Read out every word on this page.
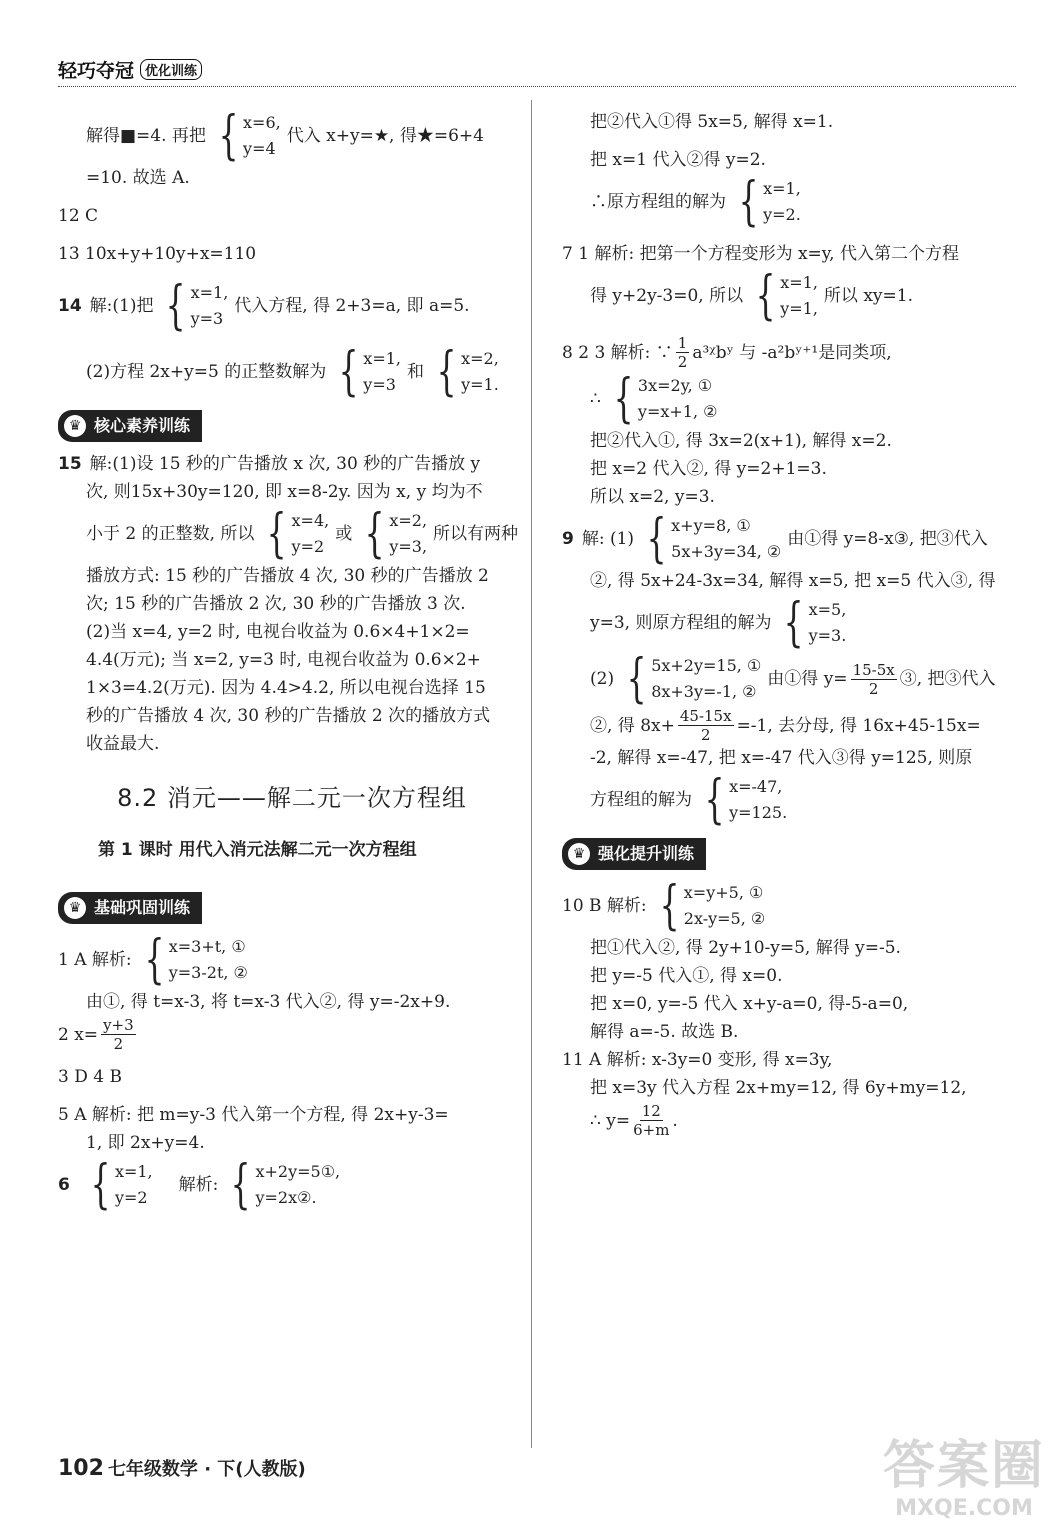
轻巧夺冠 优化训练
解得■=4. 再把 { x=6,
y=4
代入 x+y=★, 得★=6+4
=10. 故选 A.
12 C
13 10x+y+10y+x=110
14 解:(1)把 { x=1,
y=3
代入方程, 得 2+3=a, 即 a=5.
(2)方程 2x+y=5 的正整数解为 { x=1,
y=3
和 { x=2,
y=1.
♛ 核心素养训练
15 解:(1)设 15 秒的广告播放 x 次, 30 秒的广告播放 y
次, 则15x+30y=120, 即 x=8-2y. 因为 x, y 均为不
小于 2 的正整数, 所以 { x=4,
y=2
或 { x=2,
y=3,
所以有两种
播放方式: 15 秒的广告播放 4 次, 30 秒的广告播放 2
次; 15 秒的广告播放 2 次, 30 秒的广告播放 3 次.
(2)当 x=4, y=2 时, 电视台收益为 0.6×4+1×2=
4.4(万元); 当 x=2, y=3 时, 电视台收益为 0.6×2+
1×3=4.2(万元). 因为 4.4>4.2, 所以电视台选择 15
秒的广告播放 4 次, 30 秒的广告播放 2 次的播放方式
收益最大.
8.2 消元——解二元一次方程组
第 1 课时 用代入消元法解二元一次方程组
♛ 基础巩固训练
1 A 解析: { x=3+t, ①
y=3-2t, ②
由①, 得 t=x-3, 将 t=x-3 代入②, 得 y=-2x+9.
2 $x= \frac{y+3}{2}$
3 D 4 B
5 A 解析: 把 m=y-3 代入第一个方程, 得 2x+y-3=
1, 即 2x+y=4.
6 { x=1,
y=2
解析: { x+2y=5①,
y=2x②.
把②代入①得 5x=5, 解得 x=1.
把 x=1 代入②得 y=2.
∴原方程组的解为 { x=1,
y=2.
7 1 解析: 把第一个方程变形为 x=y, 代入第二个方程
得 y+2y-3=0, 所以 { x=1,
y=1,
所以 xy=1.
8 2 3 解析: ∵ $\frac{1}{2}$ a³ᵡbʸ 与 -a²bʸ⁺¹是同类项,
∴ { 3x=2y, ①
y=x+1, ②
把②代入①, 得 3x=2(x+1), 解得 x=2.
把 x=2 代入②, 得 y=2+1=3.
所以 x=2, y=3.
9 解: (1) { x+y=8, ①
5x+3y=34, ②
由①得 y=8-x③, 把③代入
②, 得 5x+24-3x=34, 解得 x=5, 把 x=5 代入③, 得
y=3, 则原方程组的解为 { x=5,
y=3.
(2) { 5x+2y=15, ①
8x+3y=-1, ②
由①得 $y= \frac{15-5x}{2}$ ③, 把③代入
②, 得 $8x+ \frac{45-15x}{2} =-1$, 去分母, 得 16x+45-15x=
-2, 解得 x=-47, 把 x=-47 代入③得 y=125, 则原
方程组的解为 { x=-47,
y=125.
♛ 强化提升训练
10 B 解析: { x=y+5, ①
2x-y=5, ②
把①代入②, 得 2y+10-y=5, 解得 y=-5.
把 y=-5 代入①, 得 x=0.
把 x=0, y=-5 代入 x+y-a=0, 得-5-a=0,
解得 a=-5. 故选 B.
11 A 解析: x-3y=0 变形, 得 x=3y,
把 x=3y 代入方程 2x+my=12, 得 6y+my=12,
∴ $y= \frac{12}{6+m}$ .
102 七年级数学 · 下(人教版)	答案圈
MXQE.COM
